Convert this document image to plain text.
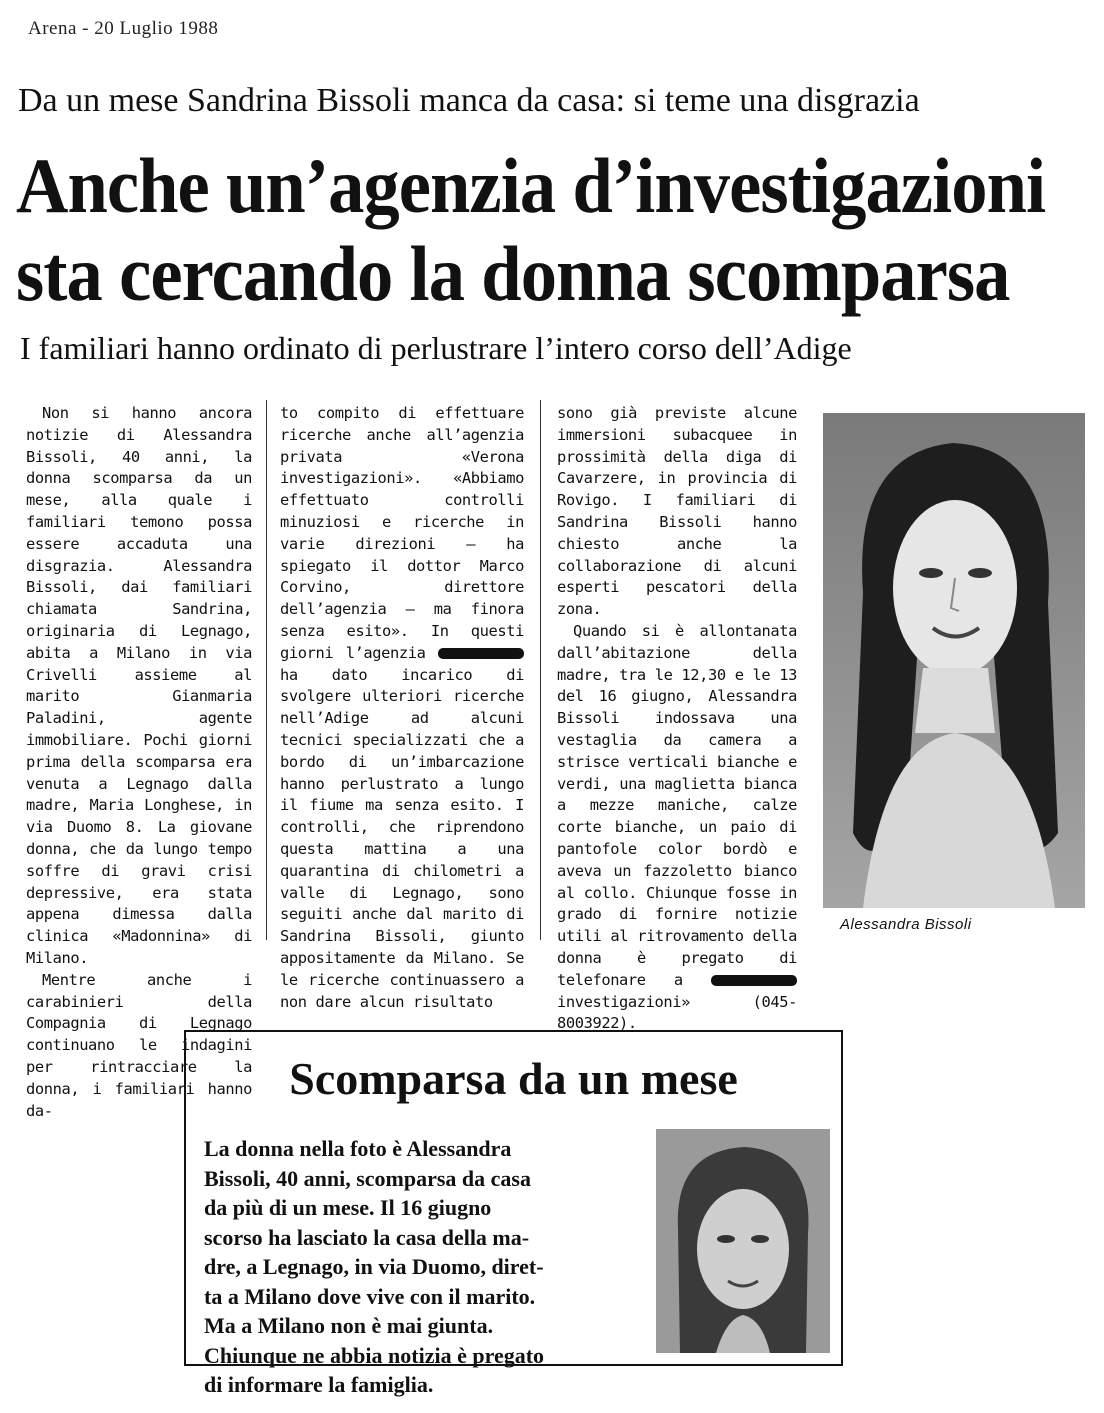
Arena - 20 Luglio 1988
Da un mese Sandrina Bissoli manca da casa: si teme una disgrazia
Anche un’agenzia d’investigazioni
sta cercando la donna scomparsa
I familiari hanno ordinato di perlustrare l’intero corso dell’Adige

Non si hanno ancora notizie di Alessandra Bissoli, 40 anni, la donna scomparsa da un mese, alla quale i familiari temono possa essere accaduta una disgrazia. Alessandra Bissoli, dai familiari chiamata Sandrina, originaria di Legnago, abita a Milano in via Crivelli assieme al marito Gianmaria Paladini, agente immobiliare. Pochi giorni prima della scomparsa era venuta a Legnago dalla madre, Maria Longhese, in via Duomo 8. La giovane donna, che da lungo tempo soffre di gravi crisi depressive, era stata appena dimessa dalla clinica «Madonnina» di Milano.

Mentre anche i carabinieri della Compagnia di Legnago continuano le indagini per rintracciare la donna, i familiari hanno da-

to compito di effettuare ricerche anche all’agenzia privata «Verona investigazioni». «Abbiamo effettuato controlli minuziosi e ricerche in varie direzioni — ha spiegato il dottor Marco Corvino, direttore dell’agenzia — ma finora senza esito». In questi giorni l’agenzia  ha dato incarico di svolgere ulteriori ricerche nell’Adige ad alcuni tecnici specializzati che a bordo di un’imbarcazione hanno perlustrato a lungo il fiume ma senza esito. I controlli, che riprendono questa mattina a una quarantina di chilometri a valle di Legnago, sono seguiti anche dal marito di Sandrina Bissoli, giunto appositamente da Milano. Se le ricerche continuassero a non dare alcun risultato

sono già previste alcune immersioni subacquee in prossimità della diga di Cavarzere, in provincia di Rovigo. I familiari di Sandrina Bissoli hanno chiesto anche la collaborazione di alcuni esperti pescatori della zona.

Quando si è allontanata dall’abitazione della madre, tra le 12,30 e le 13 del 16 giugno, Alessandra Bissoli indossava una vestaglia da camera a strisce verticali bianche e verdi, una maglietta bianca a mezze maniche, calze corte bianche, un paio di pantofole color bordò e aveva un fazzoletto bianco al collo. Chiunque fosse in grado di fornire notizie utili al ritrovamento della donna è pregato di telefonare a  investigazioni» (045-8003922).

Alessandra Bissoli
Scomparsa da un mese
La donna nella foto è Alessandra
Bissoli, 40 anni, scomparsa da casa
da più di un mese. Il 16 giugno
scorso ha lasciato la casa della ma-
dre, a Legnago, in via Duomo, diret-
ta a Milano dove vive con il marito.
Ma a Milano non è mai giunta.
Chiunque ne abbia notizia è pregato
di informare la famiglia.
